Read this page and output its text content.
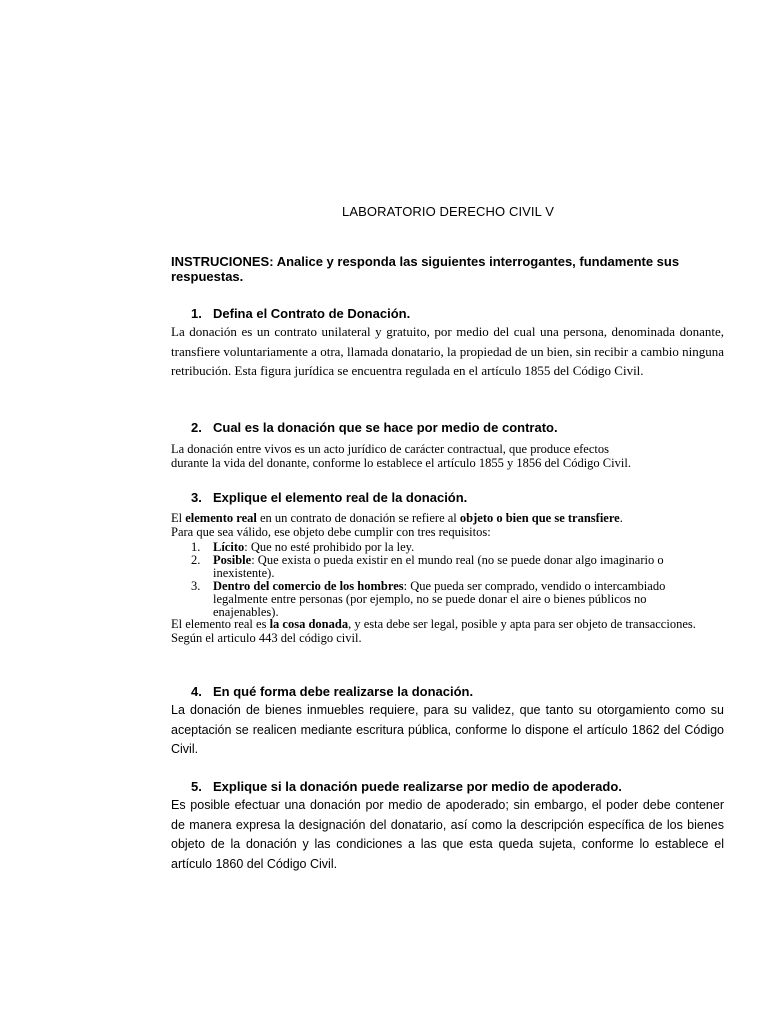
LABORATORIO DERECHO CIVIL V
INSTRUCIONES: Analice y responda las siguientes interrogantes, fundamente sus respuestas.
1. Defina el Contrato de Donación.
La donación es un contrato unilateral y gratuito, por medio del cual una persona, denominada donante, transfiere voluntariamente a otra, llamada donatario, la propiedad de un bien, sin recibir a cambio ninguna retribución. Esta figura jurídica se encuentra regulada en el artículo 1855 del Código Civil.
2. Cual es la donación que se hace por medio de contrato.
La donación entre vivos es un acto jurídico de carácter contractual, que produce efectos
durante la vida del donante, conforme lo establece el artículo 1855 y 1856 del Código Civil.
3. Explique el elemento real de la donación.
El elemento real en un contrato de donación se refiere al objeto o bien que se transfiere.
Para que sea válido, ese objeto debe cumplir con tres requisitos:
1. Lícito: Que no esté prohibido por la ley.
2. Posible: Que exista o pueda existir en el mundo real (no se puede donar algo imaginario o inexistente).
3. Dentro del comercio de los hombres: Que pueda ser comprado, vendido o intercambiado legalmente entre personas (por ejemplo, no se puede donar el aire o bienes públicos no enajenables).
El elemento real es la cosa donada, y esta debe ser legal, posible y apta para ser objeto de transacciones. Según el articulo 443 del código civil.
4. En qué forma debe realizarse la donación.
La donación de bienes inmuebles requiere, para su validez, que tanto su otorgamiento como su aceptación se realicen mediante escritura pública, conforme lo dispone el artículo 1862 del Código Civil.
5. Explique si la donación puede realizarse por medio de apoderado.
Es posible efectuar una donación por medio de apoderado; sin embargo, el poder debe contener de manera expresa la designación del donatario, así como la descripción específica de los bienes objeto de la donación y las condiciones a las que esta queda sujeta, conforme lo establece el artículo 1860 del Código Civil.
